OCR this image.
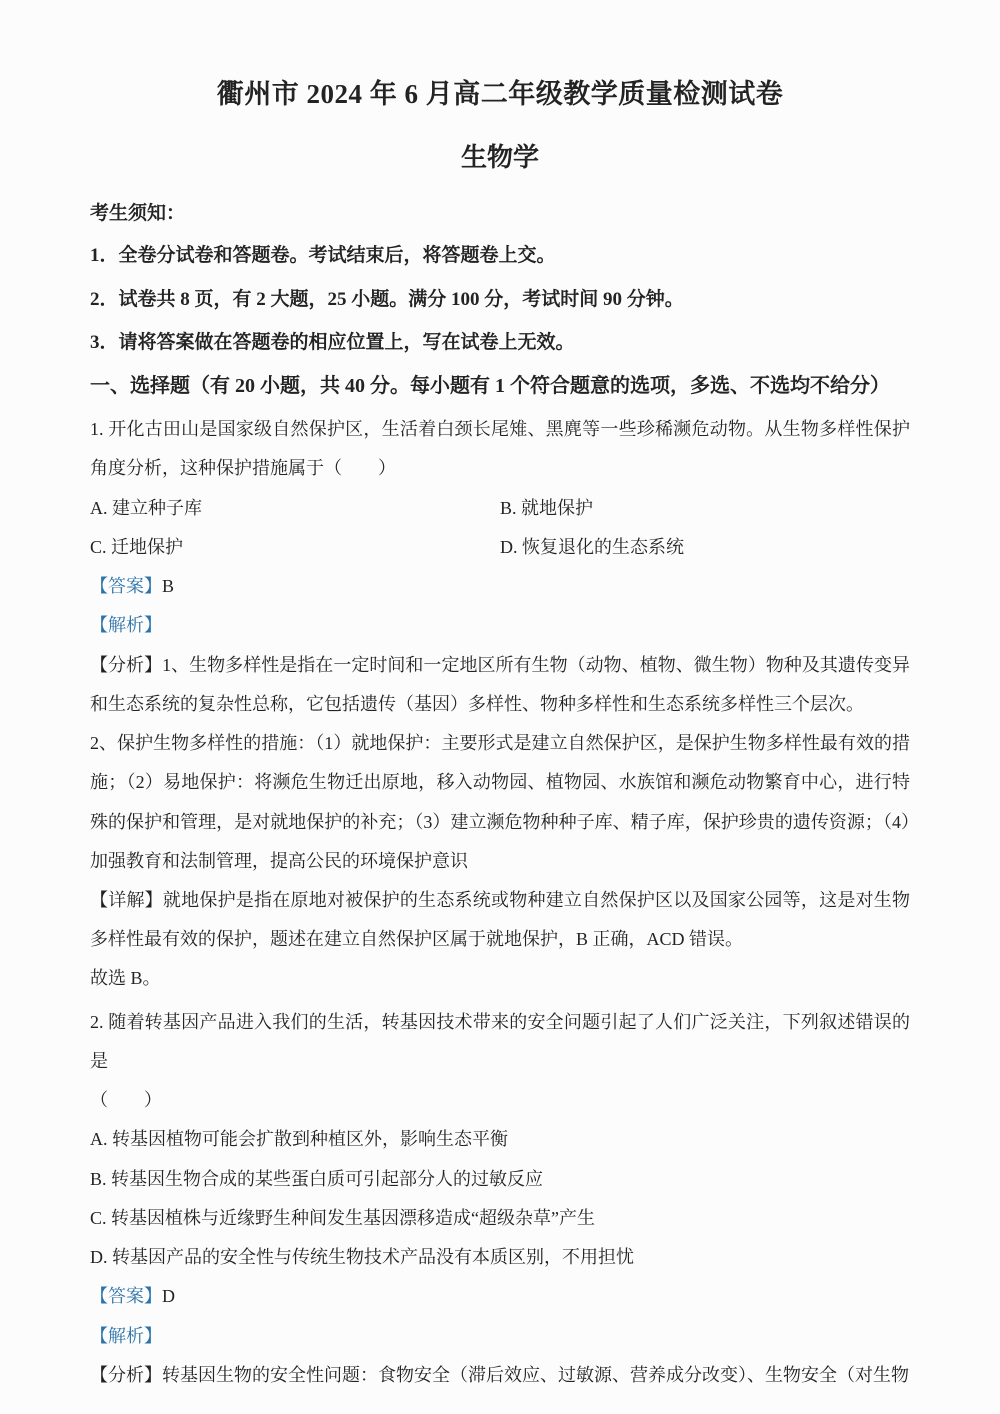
衢州市 2024 年 6 月高二年级教学质量检测试卷
生物学

考生须知：

1．全卷分试卷和答题卷。考试结束后，将答题卷上交。

2．试卷共 8 页，有 2 大题，25 小题。满分 100 分，考试时间 90 分钟。

3．请将答案做在答题卷的相应位置上，写在试卷上无效。

一、选择题（有 20 小题，共 40 分。每小题有 1 个符合题意的选项，多选、不选均不给分）

1. 开化古田山是国家级自然保护区，生活着白颈长尾雉、黑麂等一些珍稀濒危动物。从生物多样性保护角度分析，这种保护措施属于（　　）

A. 建立种子库	B. 就地保护
C. 迁地保护	D. 恢复退化的生态系统

【答案】B

【解析】

【分析】1、生物多样性是指在一定时间和一定地区所有生物（动物、植物、微生物）物种及其遗传变异和生态系统的复杂性总称，它包括遗传（基因）多样性、物种多样性和生态系统多样性三个层次。

2、保护生物多样性的措施：（1）就地保护：主要形式是建立自然保护区，是保护生物多样性最有效的措施；（2）易地保护：将濒危生物迁出原地，移入动物园、植物园、水族馆和濒危动物繁育中心，进行特殊的保护和管理，是对就地保护的补充；（3）建立濒危物种种子库、精子库，保护珍贵的遗传资源；（4）加强教育和法制管理，提高公民的环境保护意识

【详解】就地保护是指在原地对被保护的生态系统或物种建立自然保护区以及国家公园等，这是对生物多样性最有效的保护，题述在建立自然保护区属于就地保护，B 正确，ACD 错误。

故选 B。

2. 随着转基因产品进入我们的生活，转基因技术带来的安全问题引起了人们广泛关注，下列叙述错误的是

（　　）

A. 转基因植物可能会扩散到种植区外，影响生态平衡

B. 转基因生物合成的某些蛋白质可引起部分人的过敏反应

C. 转基因植株与近缘野生种间发生基因漂移造成“超级杂草”产生

D. 转基因产品的安全性与传统生物技术产品没有本质区别，不用担忧

【答案】D

【解析】

【分析】转基因生物的安全性问题：食物安全（滞后效应、过敏源、营养成分改变）、生物安全（对生物
